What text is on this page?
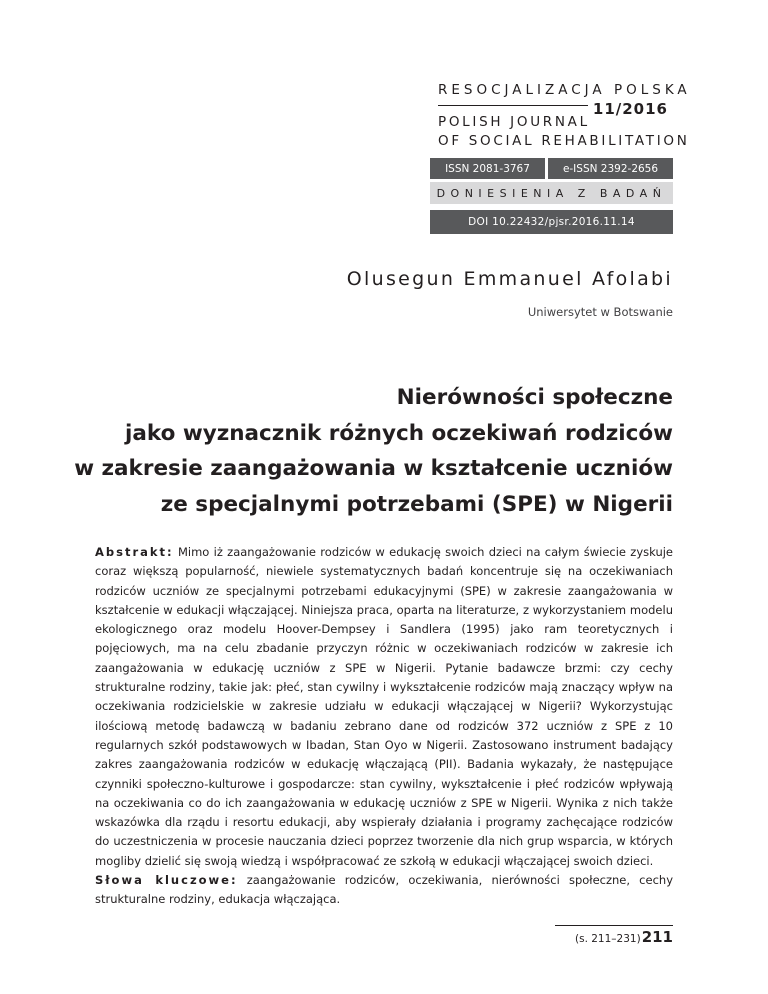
RESOCJALIZACJA POLSKA
11/2016
POLISH JOURNAL
OF SOCIAL REHABILITATION
ISSN 2081-3767	e-ISSN 2392-2656
DONIESIENIA Z BADAŃ
DOI 10.22432/pjsr.2016.11.14
Olusegun Emmanuel Afolabi
Uniwersytet w Botswanie
Nierówności społeczne
jako wyznacznik różnych oczekiwań rodziców
w zakresie zaangażowania w kształcenie uczniów
ze specjalnymi potrzebami (SPE) w Nigerii
Abstrakt: Mimo iż zaangażowanie rodziców w edukację swoich dzieci na całym świecie zyskuje coraz większą popularność, niewiele systematycznych badań koncentruje się na oczekiwaniach rodziców uczniów ze specjalnymi potrzebami edukacyjnymi (SPE) w zakresie zaangażowania w kształcenie w edukacji włączającej. Niniejsza praca, oparta na literaturze, z wykorzystaniem modelu ekologicznego oraz modelu Hoover-Dempsey i Sandlera (1995) jako ram teoretycznych i pojęciowych, ma na celu zbadanie przyczyn różnic w oczekiwaniach rodziców w zakresie ich zaangażowania w edukację uczniów z SPE w Nigerii. Pytanie badawcze brzmi: czy cechy strukturalne rodziny, takie jak: płeć, stan cywilny i wykształcenie rodziców mają znaczący wpływ na oczekiwania rodzicielskie w zakresie udziału w edukacji włączającej w Nigerii? Wykorzystując ilościową metodę badawczą w badaniu zebrano dane od rodziców 372 uczniów z SPE z 10 regularnych szkół podstawowych w Ibadan, Stan Oyo w Nigerii. Zastosowano instrument badający zakres zaangażowania rodziców w edukację włączającą (PII). Badania wykazały, że następujące czynniki społeczno-kulturowe i gospodarcze: stan cywilny, wykształcenie i płeć rodziców wpływają na oczekiwania co do ich zaangażowania w edukację uczniów z SPE w Nigerii. Wynika z nich także wskazówka dla rządu i resortu edukacji, aby wspierały działania i programy zachęcające rodziców do uczestniczenia w procesie nauczania dzieci poprzez tworzenie dla nich grup wsparcia, w których mogliby dzielić się swoją wiedzą i współpracować ze szkołą w edukacji włączającej swoich dzieci.
Słowa kluczowe: zaangażowanie rodziców, oczekiwania, nierówności społeczne, cechy strukturalne rodziny, edukacja włączająca.
(s. 211–231) 211
